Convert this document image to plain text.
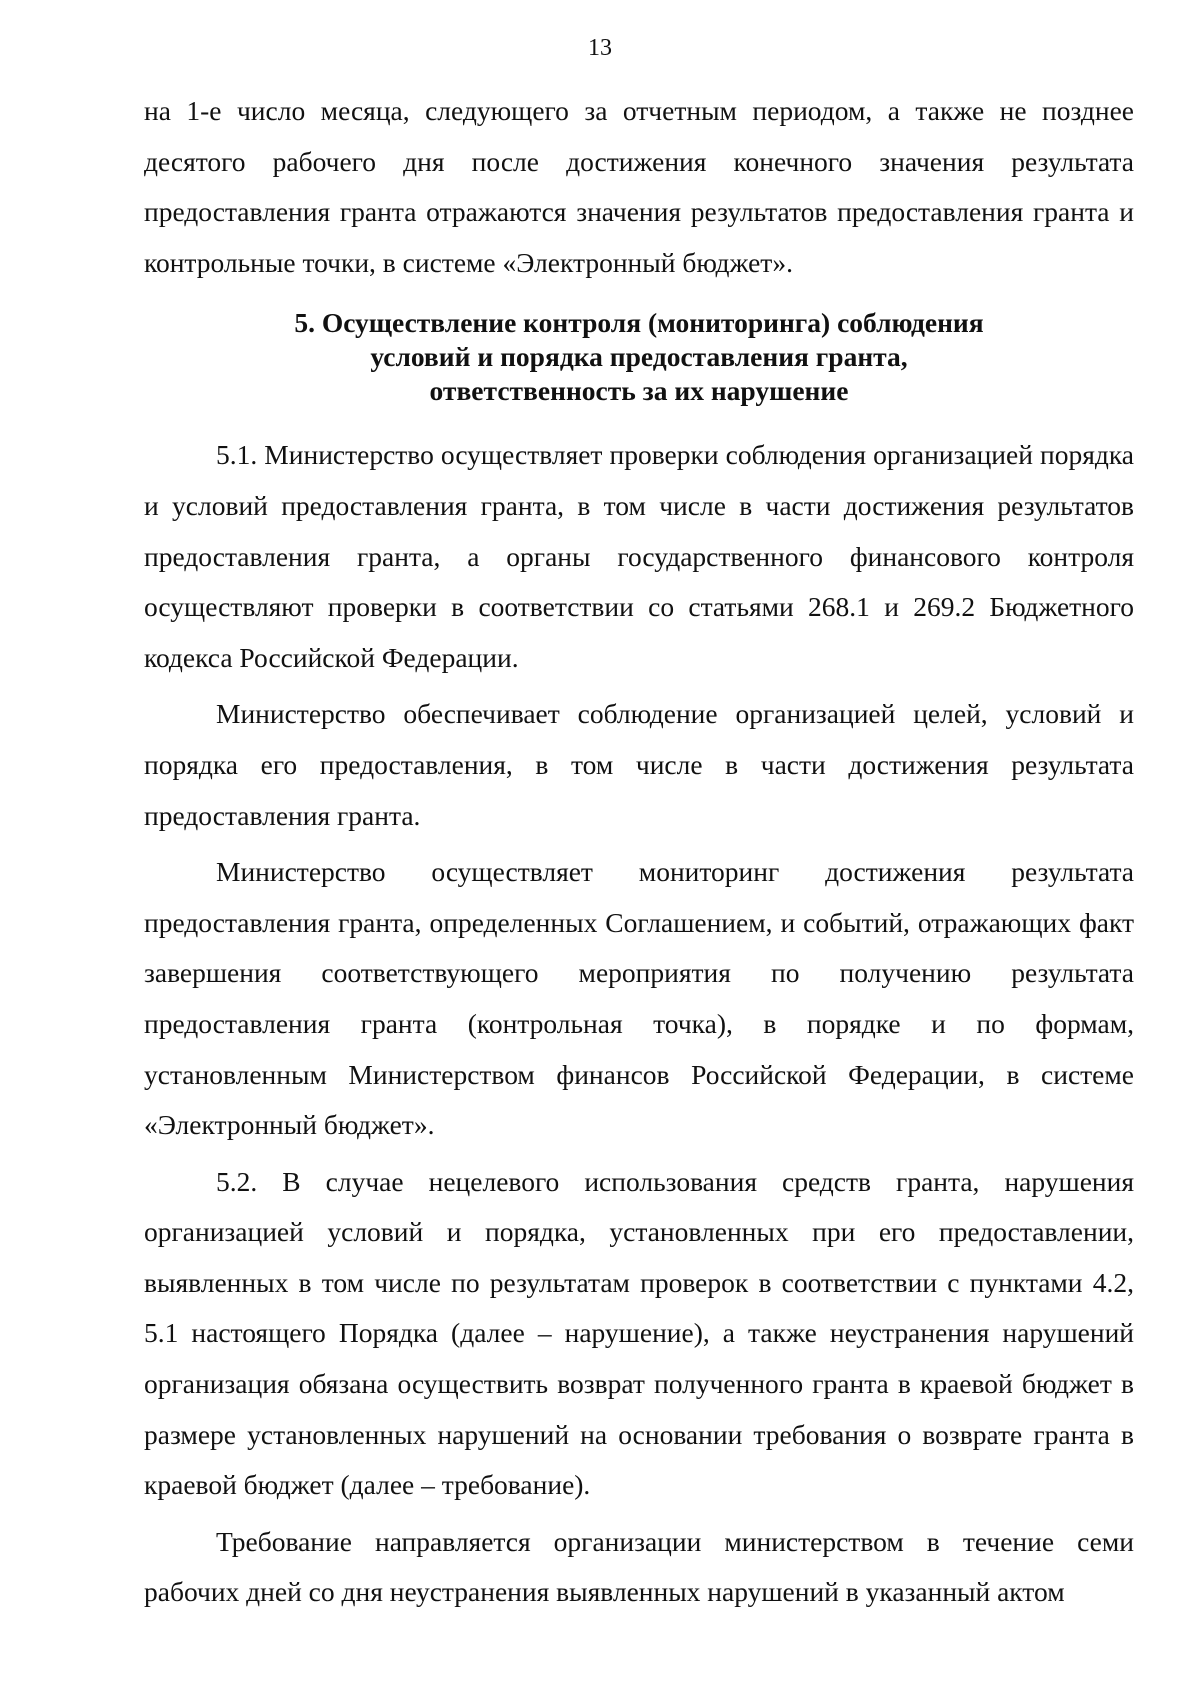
13

на 1-е число месяца, следующего за отчетным периодом, а также не позднее десятого рабочего дня после достижения конечного значения результата предоставления гранта отражаются значения результатов предоставления гранта и контрольные точки, в системе «Электронный бюджет».

5. Осуществление контроля (мониторинга) соблюдения
условий и порядка предоставления гранта,
ответственность за их нарушение

5.1. Министерство осуществляет проверки соблюдения организацией порядка и условий предоставления гранта, в том числе в части достижения результатов предоставления гранта, а органы государственного финансового контроля осуществляют проверки в соответствии со статьями 268.1 и 269.2 Бюджетного кодекса Российской Федерации.

Министерство обеспечивает соблюдение организацией целей, условий и порядка его предоставления, в том числе в части достижения результата предоставления гранта.

Министерство осуществляет мониторинг достижения результата предоставления гранта, определенных Соглашением, и событий, отражающих факт завершения соответствующего мероприятия по получению результата предоставления гранта (контрольная точка), в порядке и по формам, установленным Министерством финансов Российской Федерации, в системе «Электронный бюджет».

5.2. В случае нецелевого использования средств гранта, нарушения организацией условий и порядка, установленных при его предоставлении, выявленных в том числе по результатам проверок в соответствии с пунктами 4.2, 5.1 настоящего Порядка (далее – нарушение), а также неустранения нарушений организация обязана осуществить возврат полученного гранта в краевой бюджет в размере установленных нарушений на основании требования о возврате гранта в краевой бюджет (далее – требование).

Требование направляется организации министерством в течение семи рабочих дней со дня неустранения выявленных нарушений в указанный актом
